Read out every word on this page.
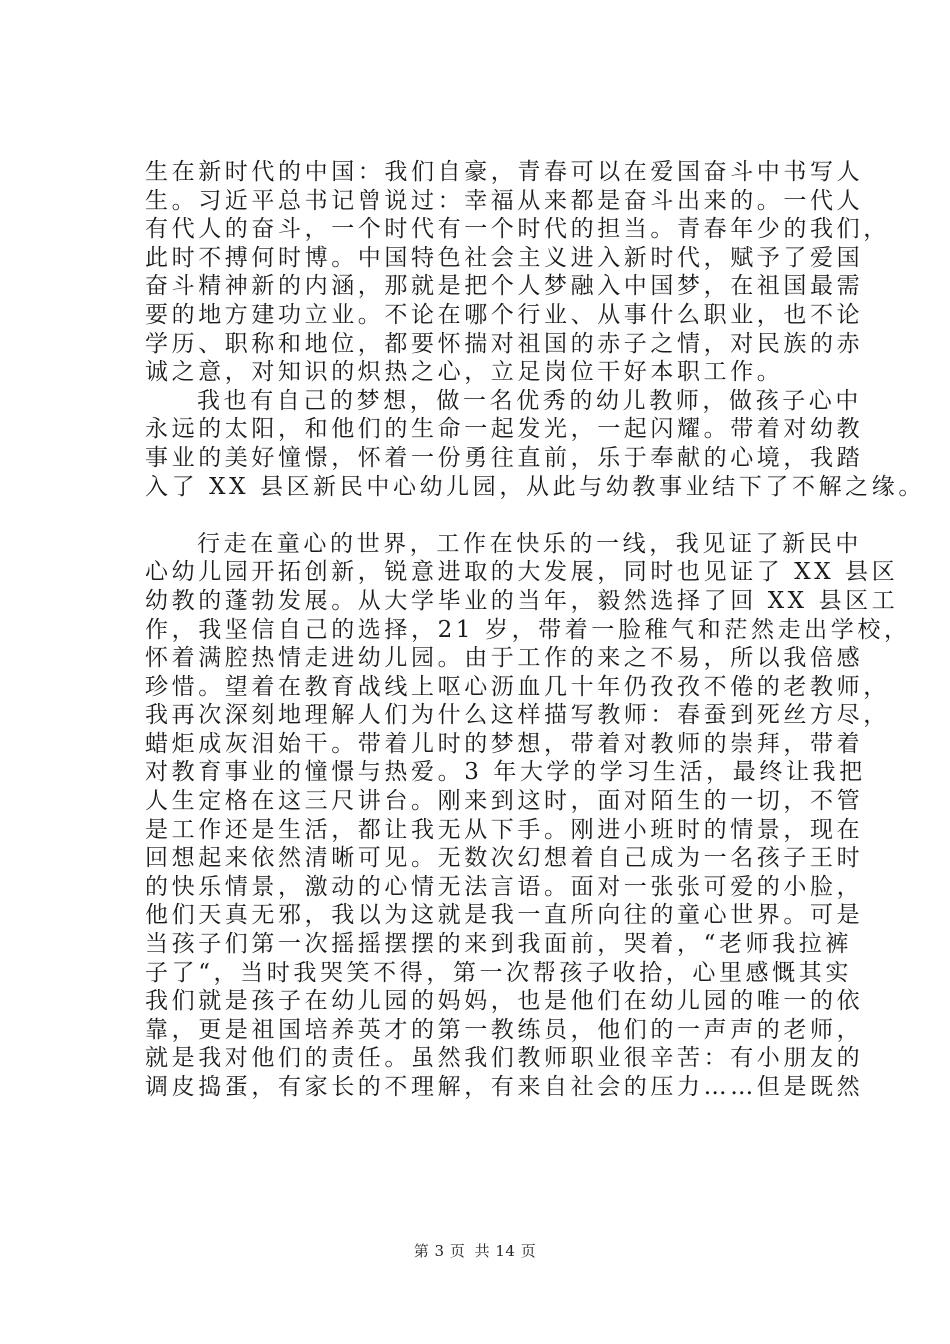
生在新时代的中国：我们自豪，青春可以在爱国奋斗中书写人
生。习近平总书记曾说过：幸福从来都是奋斗出来的。一代人
有代人的奋斗，一个时代有一个时代的担当。青春年少的我们，
此时不搏何时博。中国特色社会主义进入新时代，赋予了爱国
奋斗精神新的内涵，那就是把个人梦融入中国梦，在祖国最需
要的地方建功立业。不论在哪个行业、从事什么职业，也不论
学历、职称和地位，都要怀揣对祖国的赤子之情，对民族的赤
诚之意，对知识的炽热之心，立足岗位干好本职工作。
我也有自己的梦想，做一名优秀的幼儿教师，做孩子心中
永远的太阳，和他们的生命一起发光，一起闪耀。带着对幼教
事业的美好憧憬，怀着一份勇往直前，乐于奉献的心境，我踏
入了 XX 县区新民中心幼儿园，从此与幼教事业结下了不解之缘。
行走在童心的世界，工作在快乐的一线，我见证了新民中
心幼儿园开拓创新，锐意进取的大发展，同时也见证了 XX 县区
幼教的蓬勃发展。从大学毕业的当年，毅然选择了回 XX 县区工
作，我坚信自己的选择，21 岁，带着一脸稚气和茫然走出学校，
怀着满腔热情走进幼儿园。由于工作的来之不易，所以我倍感
珍惜。望着在教育战线上呕心沥血几十年仍孜孜不倦的老教师，
我再次深刻地理解人们为什么这样描写教师：春蚕到死丝方尽，
蜡炬成灰泪始干。带着儿时的梦想，带着对教师的崇拜，带着
对教育事业的憧憬与热爱。3 年大学的学习生活，最终让我把
人生定格在这三尺讲台。刚来到这时，面对陌生的一切，不管
是工作还是生活，都让我无从下手。刚进小班时的情景，现在
回想起来依然清晰可见。无数次幻想着自己成为一名孩子王时
的快乐情景，激动的心情无法言语。面对一张张可爱的小脸，
他们天真无邪，我以为这就是我一直所向往的童心世界。可是
当孩子们第一次摇摇摆摆的来到我面前，哭着，“老师我拉裤
子了“，当时我哭笑不得，第一次帮孩子收拾，心里感慨其实
我们就是孩子在幼儿园的妈妈，也是他们在幼儿园的唯一的依
靠，更是祖国培养英才的第一教练员，他们的一声声的老师，
就是我对他们的责任。虽然我们教师职业很辛苦：有小朋友的
调皮捣蛋，有家长的不理解，有来自社会的压力……但是既然
第 3 页 共 14 页
